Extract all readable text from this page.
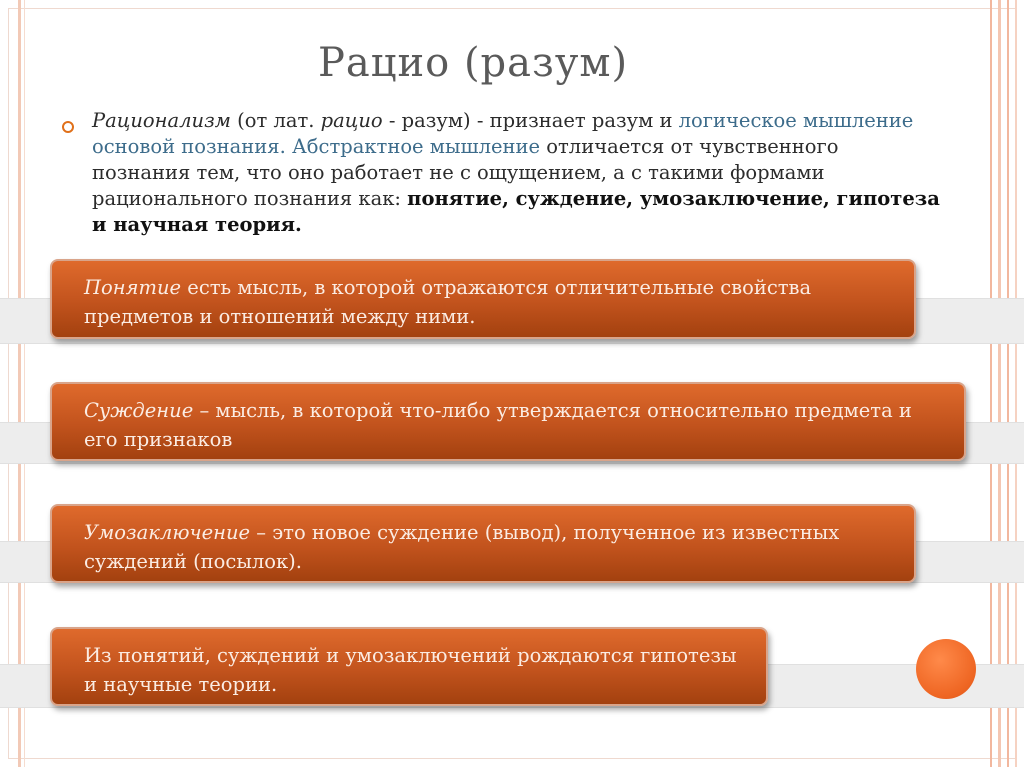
Рацио (разум)

Рационализм (от лат. рацио - разум) - признает разум и логическое мышление основой познания. Абстрактное мышление отличается от чувственного познания тем, что оно работает не с ощущением, а с такими формами рационального познания как: понятие, суждение, умозаключение, гипотеза и научная теория.

Понятие есть мысль, в которой отражаются отличительные свойства предметов и отношений между ними.
Суждение – мысль, в которой что-либо утверждается относительно предмета и его признаков
Умозаключение – это новое суждение (вывод), полученное из известных суждений (посылок).
Из понятий, суждений и умозаключений рождаются гипотезы и научные теории.
